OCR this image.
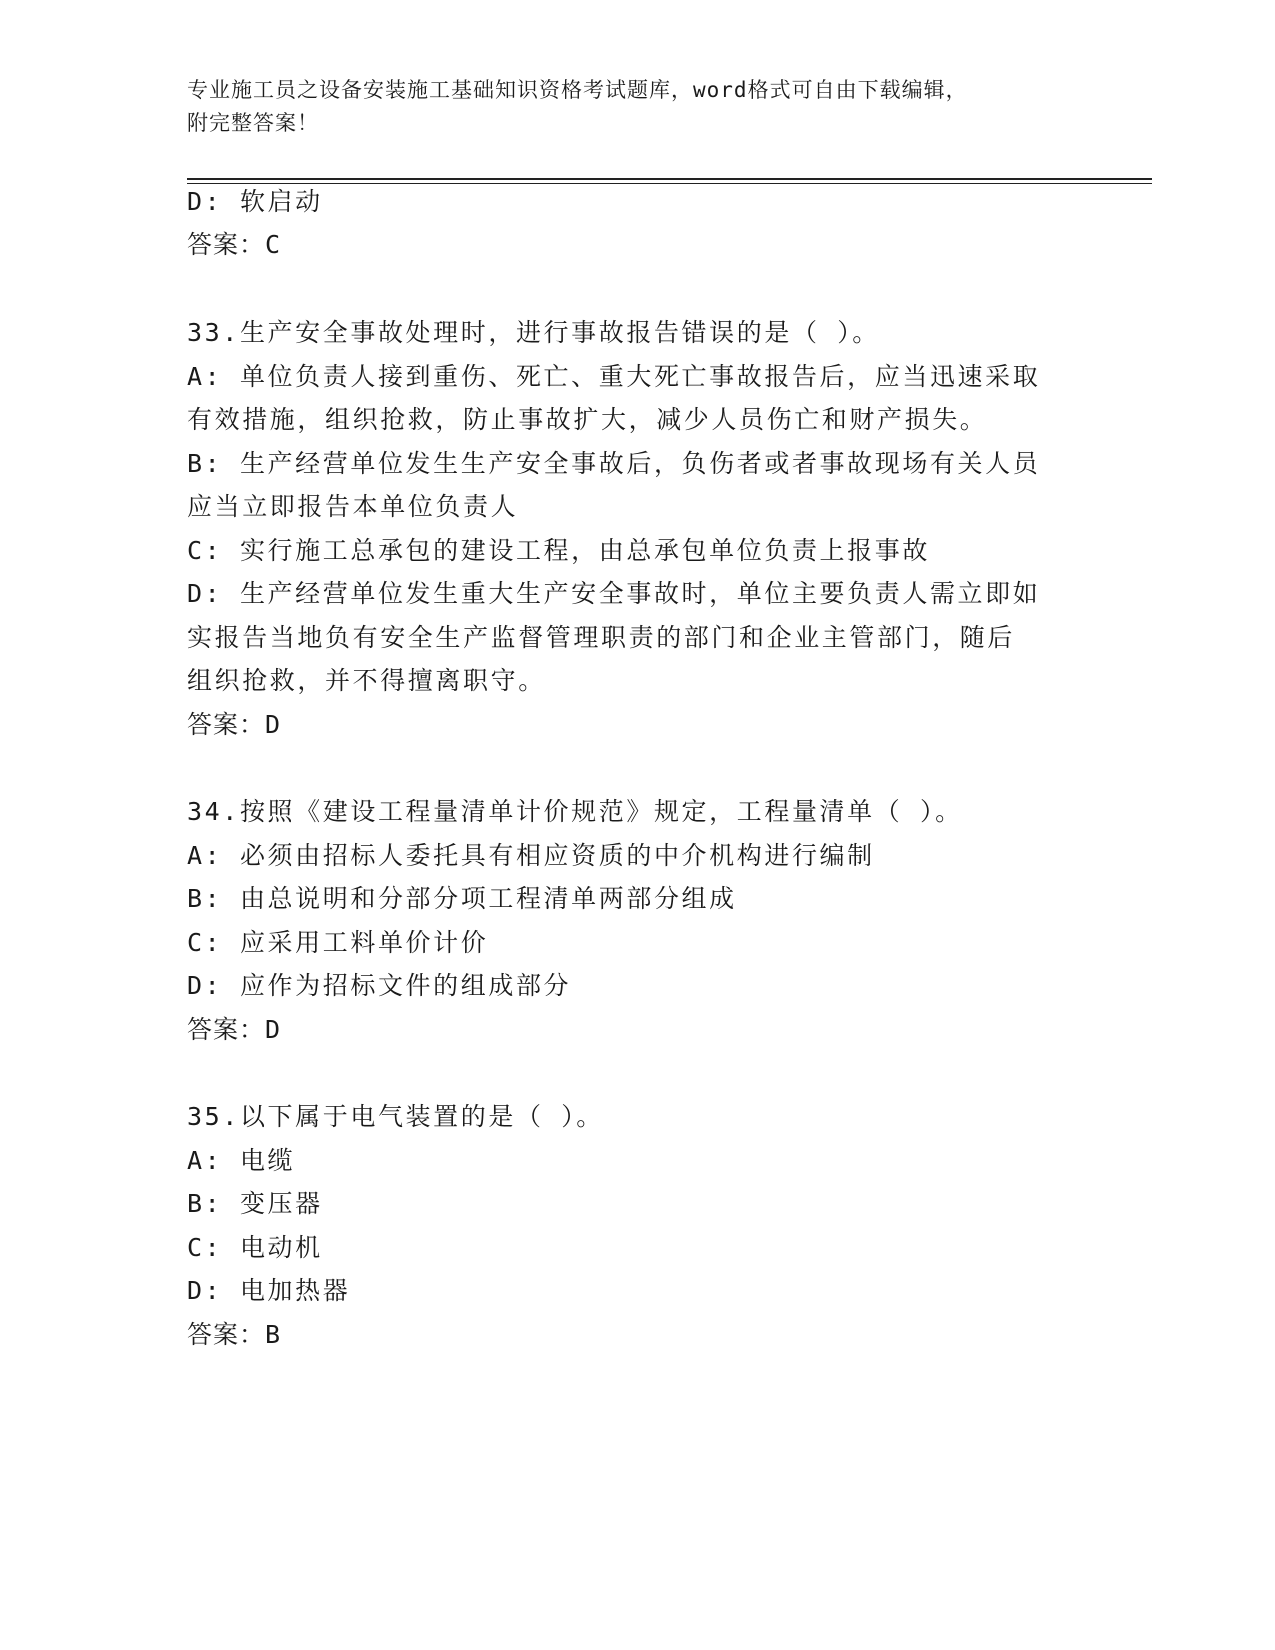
专业施工员之设备安装施工基础知识资格考试题库，word格式可自由下载编辑，
附完整答案！
D: 软启动
答案：C
33.生产安全事故处理时，进行事故报告错误的是（ ）。
A: 单位负责人接到重伤、死亡、重大死亡事故报告后，应当迅速采取
有效措施，组织抢救，防止事故扩大，减少人员伤亡和财产损失。
B: 生产经营单位发生生产安全事故后，负伤者或者事故现场有关人员
应当立即报告本单位负责人
C: 实行施工总承包的建设工程，由总承包单位负责上报事故
D: 生产经营单位发生重大生产安全事故时，单位主要负责人需立即如
实报告当地负有安全生产监督管理职责的部门和企业主管部门，随后
组织抢救，并不得擅离职守。
答案：D
34.按照《建设工程量清单计价规范》规定，工程量清单（ ）。
A: 必须由招标人委托具有相应资质的中介机构进行编制
B: 由总说明和分部分项工程清单两部分组成
C: 应采用工料单价计价
D: 应作为招标文件的组成部分
答案：D
35.以下属于电气装置的是（ ）。
A: 电缆
B: 变压器
C: 电动机
D: 电加热器
答案：B
